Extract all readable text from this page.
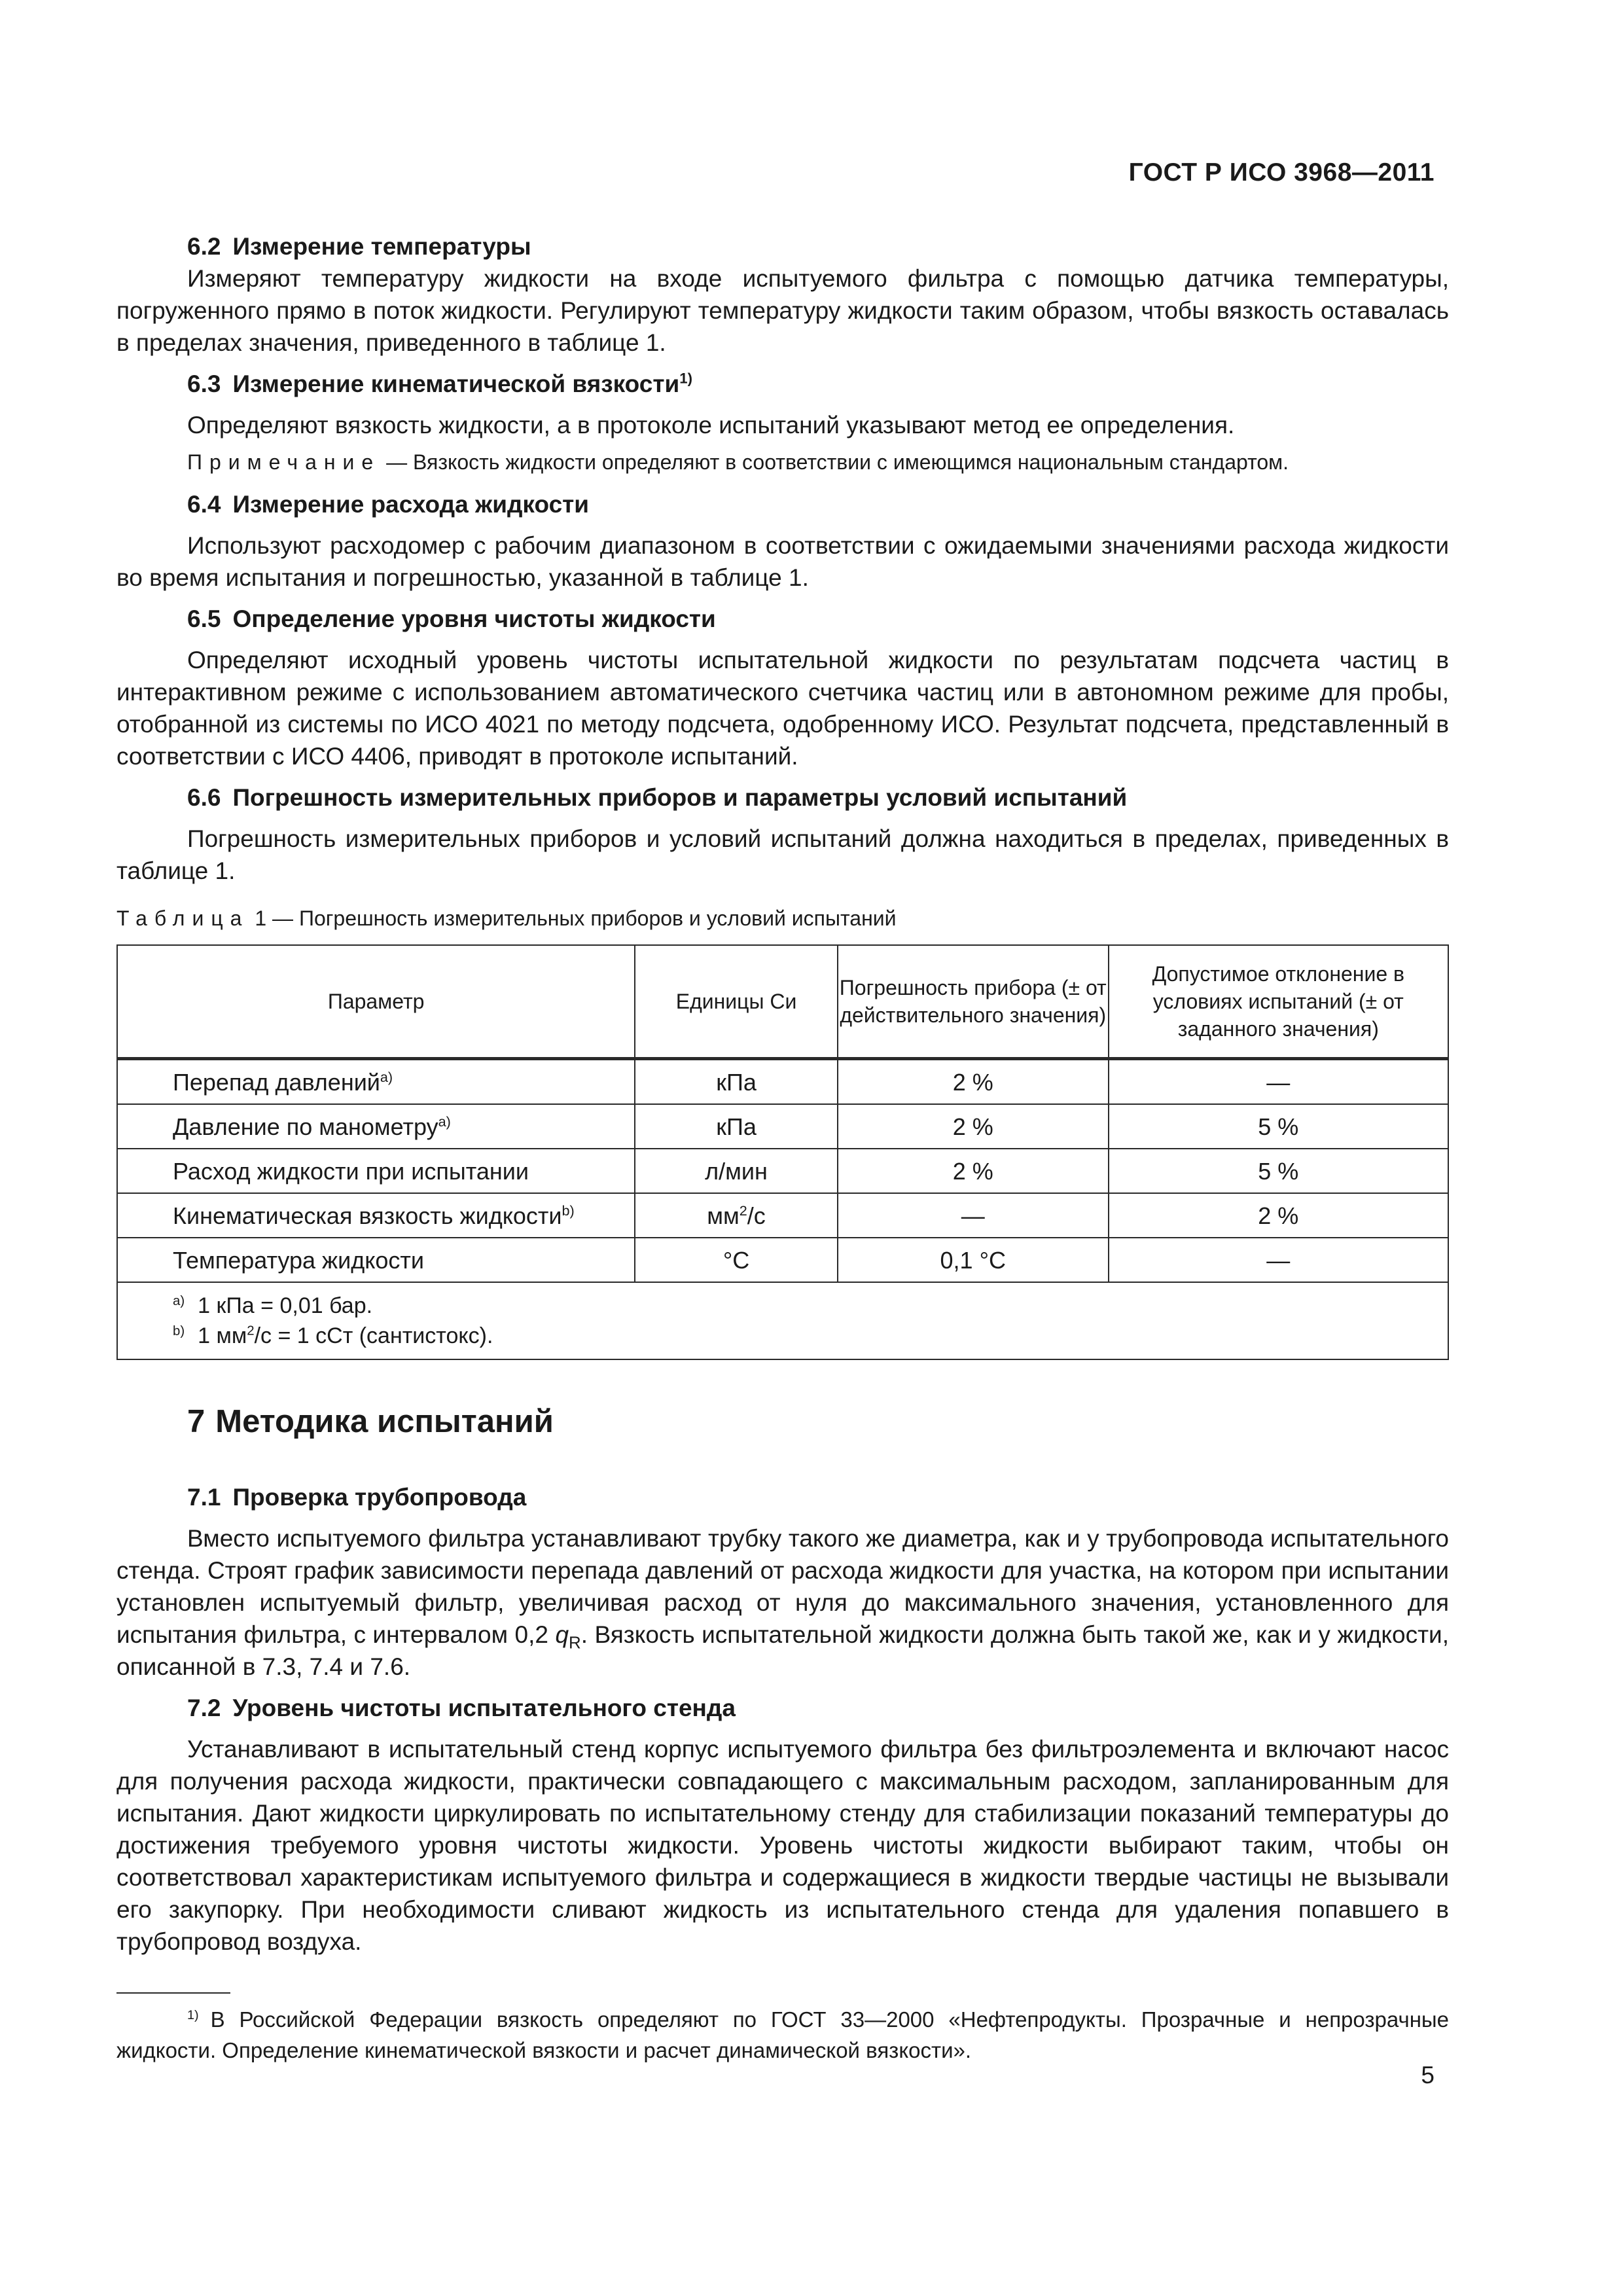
ГОСТ Р ИСО 3968—2011

6.2 Измерение температуры

Измеряют температуру жидкости на входе испытуемого фильтра с помощью датчика температуры, погруженного прямо в поток жидкости. Регулируют температуру жидкости таким образом, чтобы вязкость оставалась в пределах значения, приведенного в таблице 1.

6.3 Измерение кинематической вязкости$^{1)}$

Определяют вязкость жидкости, а в протоколе испытаний указывают метод ее определения.

Примечание — Вязкость жидкости определяют в соответствии с имеющимся национальным стандартом.

6.4 Измерение расхода жидкости

Используют расходомер с рабочим диапазоном в соответствии с ожидаемыми значениями расхода жидкости во время испытания и погрешностью, указанной в таблице 1.

6.5 Определение уровня чистоты жидкости

Определяют исходный уровень чистоты испытательной жидкости по результатам подсчета частиц в интерактивном режиме с использованием автоматического счетчика частиц или в автономном режиме для пробы, отобранной из системы по ИСО 4021 по методу подсчета, одобренному ИСО. Результат подсчета, представленный в соответствии с ИСО 4406, приводят в протоколе испытаний.

6.6 Погрешность измерительных приборов и параметры условий испытаний

Погрешность измерительных приборов и условий испытаний должна находиться в пределах, приведенных в таблице 1.

Таблица 1 — Погрешность измерительных приборов и условий испытаний

Параметр	Единицы Си	Погрешность прибора (± от действительного значения)	Допустимое отклонение в условиях испытаний (± от заданного значения)
Перепад давлений$^{a)}$	кПа	2 %	—
Давление по манометру$^{a)}$	кПа	2 %	5 %
Расход жидкости при испытании	л/мин	2 %	5 %
Кинематическая вязкость жидкости$^{b)}$	$мм^2/с$	—	2 %
Температура жидкости	°C	0,1 °C	—

$^{a)}$ 1 кПа = 0,01 бар.
$^{b)}$ 1 $мм^2/с = 1$ сСт (сантистокс).			

7 Методика испытаний

7.1 Проверка трубопровода

Вместо испытуемого фильтра устанавливают трубку такого же диаметра, как и у трубопровода испытательного стенда. Строят график зависимости перепада давлений от расхода жидкости для участка, на котором при испытании установлен испытуемый фильтр, увеличивая расход от нуля до максимального значения, установленного для испытания фильтра, с интервалом 0,2 $q_R$. Вязкость испытательной жидкости должна быть такой же, как и у жидкости, описанной в 7.3, 7.4 и 7.6.

7.2 Уровень чистоты испытательного стенда

Устанавливают в испытательный стенд корпус испытуемого фильтра без фильтроэлемента и включают насос для получения расхода жидкости, практически совпадающего с максимальным расходом, запланированным для испытания. Дают жидкости циркулировать по испытательному стенду для стабилизации показаний температуры до достижения требуемого уровня чистоты жидкости. Уровень чистоты жидкости выбирают таким, чтобы он соответствовал характеристикам испытуемого фильтра и содержащиеся в жидкости твердые частицы не вызывали его закупорку. При необходимости сливают жидкость из испытательного стенда для удаления попавшего в трубопровод воздуха.

$^{1)}$ В Российской Федерации вязкость определяют по ГОСТ 33—2000 «Нефтепродукты. Прозрачные и непрозрачные жидкости. Определение кинематической вязкости и расчет динамической вязкости».

5
